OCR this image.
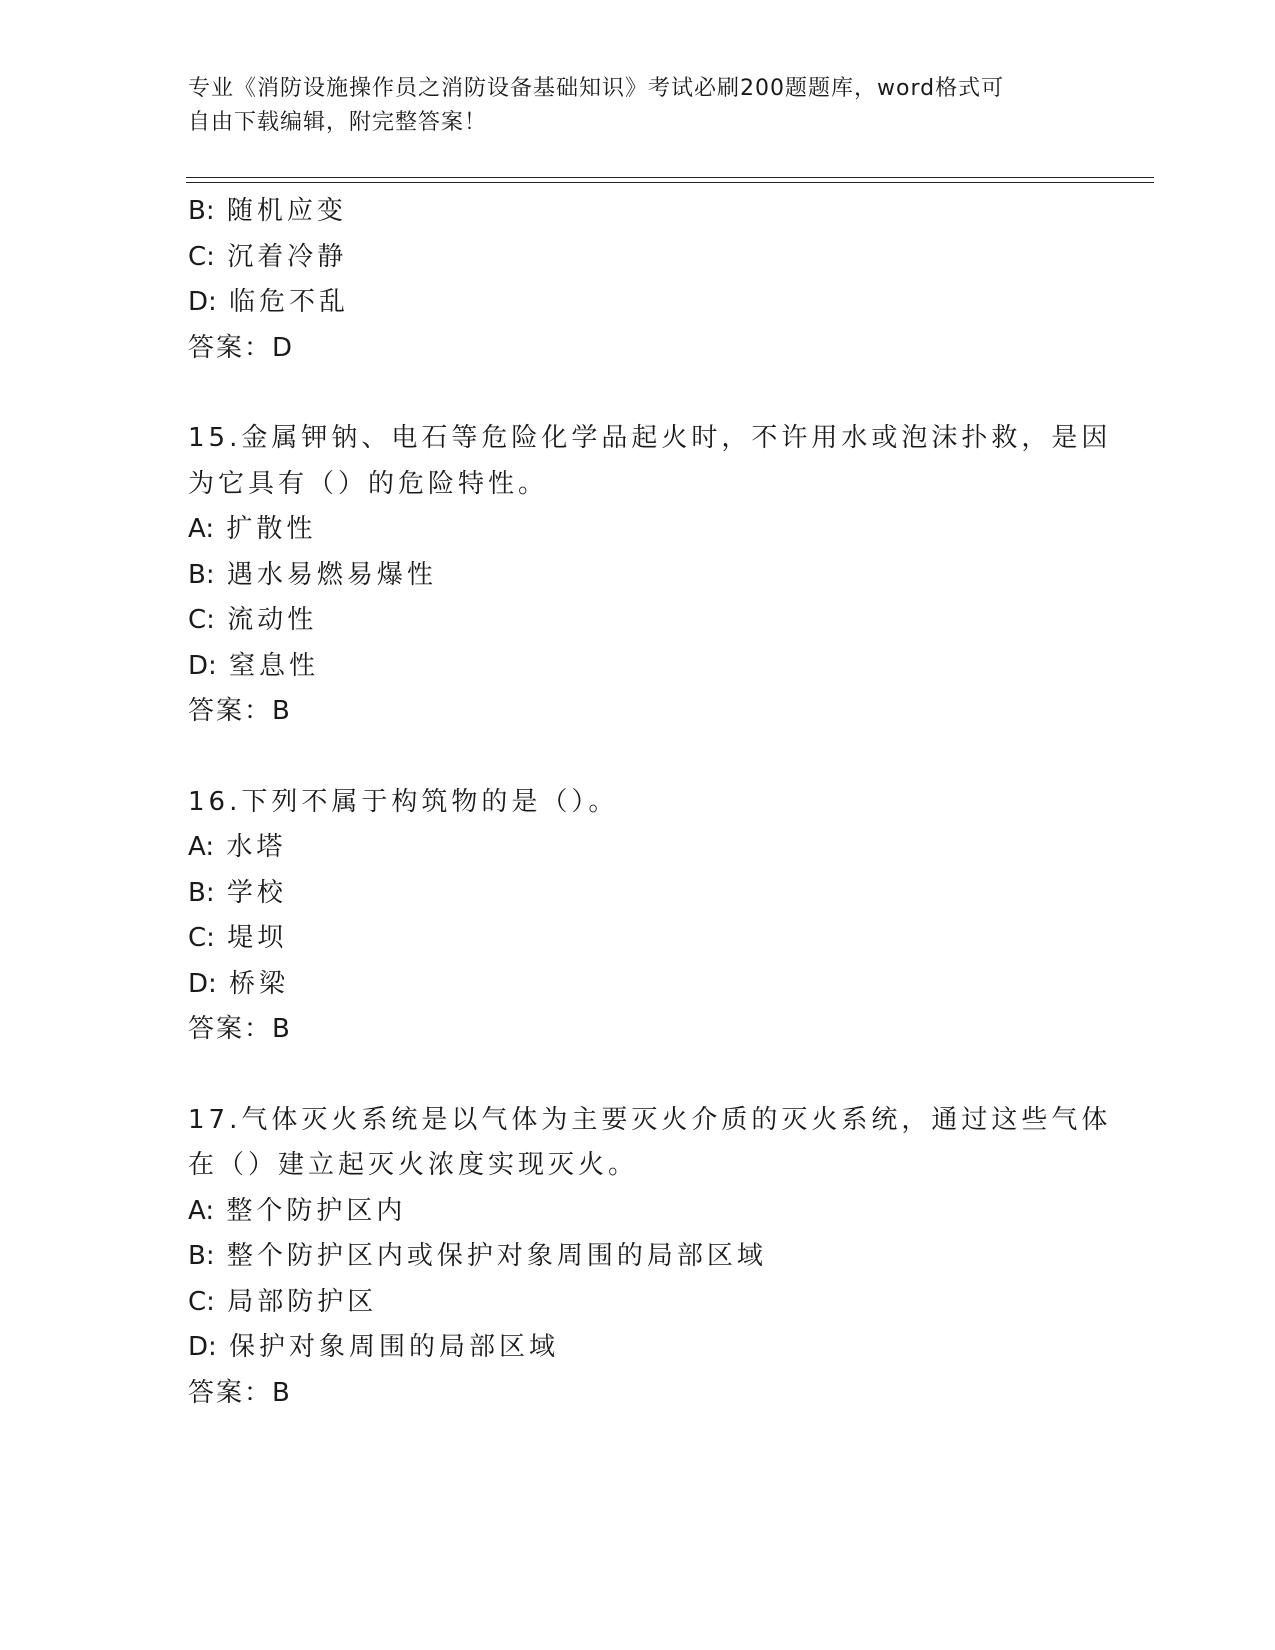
专业《消防设施操作员之消防设备基础知识》考试必刷200题题库，word格式可
自由下载编辑，附完整答案！
B: 随机应变
C: 沉着冷静
D: 临危不乱
答案：D
15.金属钾钠、电石等危险化学品起火时，不许用水或泡沫扑救，是因
为它具有（）的危险特性。
A: 扩散性
B: 遇水易燃易爆性
C: 流动性
D: 窒息性
答案：B
16.下列不属于构筑物的是（）。
A: 水塔
B: 学校
C: 堤坝
D: 桥梁
答案：B
17.气体灭火系统是以气体为主要灭火介质的灭火系统，通过这些气体
在（）建立起灭火浓度实现灭火。
A: 整个防护区内
B: 整个防护区内或保护对象周围的局部区域
C: 局部防护区
D: 保护对象周围的局部区域
答案：B
